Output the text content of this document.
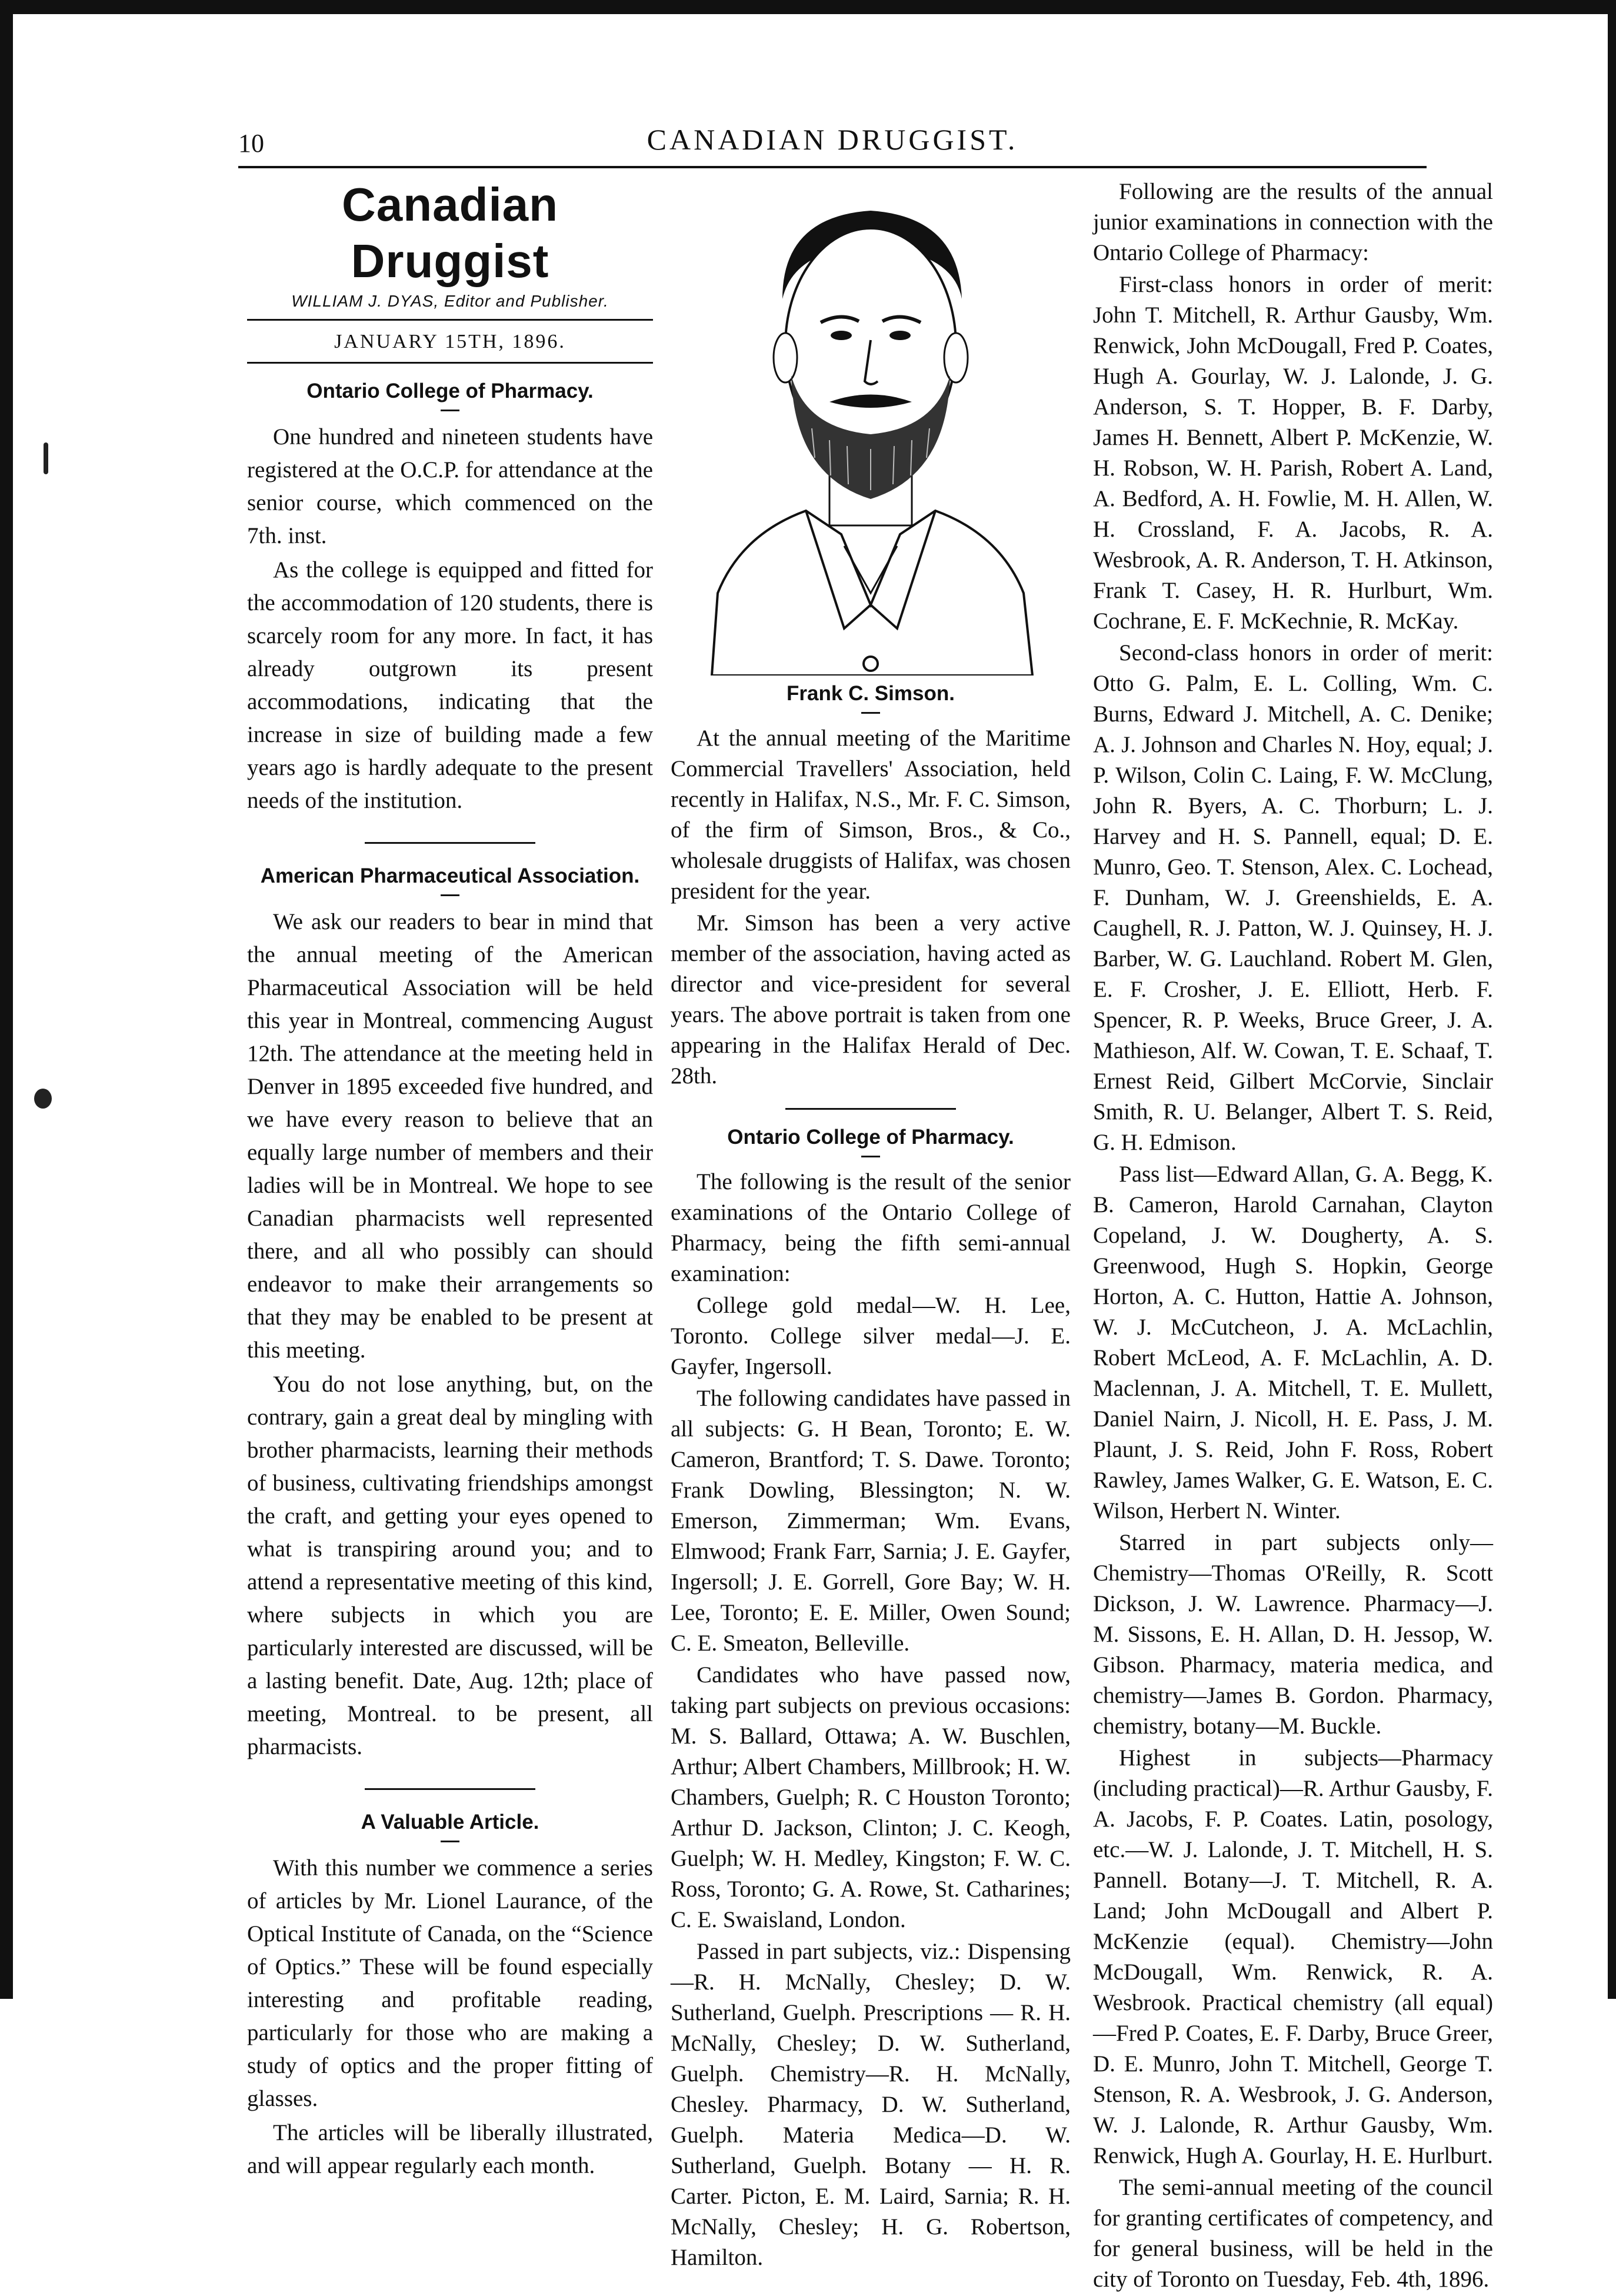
10	CANADIAN DRUGGIST.
Canadian Druggist
WILLIAM J. DYAS, Editor and Publisher.
JANUARY 15TH, 1896.
Ontario College of Pharmacy.

One hundred and nineteen students have registered at the O.C.P. for attendance at the senior course, which commenced on the 7th. inst.

As the college is equipped and fitted for the accommodation of 120 students, there is scarcely room for any more. In fact, it has already outgrown its present accommodations, indicating that the increase in size of building made a few years ago is hardly adequate to the present needs of the institution.

American Pharmaceutical Association.

We ask our readers to bear in mind that the annual meeting of the American Pharmaceutical Association will be held this year in Montreal, commencing August 12th. The attendance at the meeting held in Denver in 1895 exceeded five hundred, and we have every reason to believe that an equally large number of members and their ladies will be in Montreal. We hope to see Canadian pharmacists well represented there, and all who possibly can should endeavor to make their arrangements so that they may be enabled to be present at this meeting.

You do not lose anything, but, on the contrary, gain a great deal by mingling with brother pharmacists, learning their methods of business, cultivating friendships amongst the craft, and getting your eyes opened to what is transpiring around you; and to attend a representative meeting of this kind, where subjects in which you are particularly interested are discussed, will be a lasting benefit. Date, Aug. 12th; place of meeting, Montreal. to be present, all pharmacists.

A Valuable Article.

With this number we commence a series of articles by Mr. Lionel Laurance, of the Optical Institute of Canada, on the “Science of Optics.” These will be found especially interesting and profitable reading, particularly for those who are making a study of optics and the proper fitting of glasses.

The articles will be liberally illustrated, and will appear regularly each month.

Frank C. Simson.

At the annual meeting of the Maritime Commercial Travellers' Association, held recently in Halifax, N.S., Mr. F. C. Simson, of the firm of Simson, Bros., & Co., wholesale druggists of Halifax, was chosen president for the year.

Mr. Simson has been a very active member of the association, having acted as director and vice-president for several years. The above portrait is taken from one appearing in the Halifax Herald of Dec. 28th.

Ontario College of Pharmacy.

The following is the result of the senior examinations of the Ontario College of Pharmacy, being the fifth semi-annual examination:

College gold medal—W. H. Lee, Toronto. College silver medal—J. E. Gayfer, Ingersoll.

The following candidates have passed in all subjects: G. H Bean, Toronto; E. W. Cameron, Brantford; T. S. Dawe. Toronto; Frank Dowling, Blessington; N. W. Emerson, Zimmerman; Wm. Evans, Elmwood; Frank Farr, Sarnia; J. E. Gayfer, Ingersoll; J. E. Gorrell, Gore Bay; W. H. Lee, Toronto; E. E. Miller, Owen Sound; C. E. Smeaton, Belleville.

Candidates who have passed now, taking part subjects on previous occasions: M. S. Ballard, Ottawa; A. W. Buschlen, Arthur; Albert Chambers, Millbrook; H. W. Chambers, Guelph; R. C Houston Toronto; Arthur D. Jackson, Clinton; J. C. Keogh, Guelph; W. H. Medley, Kingston; F. W. C. Ross, Toronto; G. A. Rowe, St. Catharines; C. E. Swaisland, London.

Passed in part subjects, viz.: Dispensing—R. H. McNally, Chesley; D. W. Sutherland, Guelph. Prescriptions — R. H. McNally, Chesley; D. W. Sutherland, Guelph. Chemistry—R. H. McNally, Chesley. Pharmacy, D. W. Sutherland, Guelph. Materia Medica—D. W. Sutherland, Guelph. Botany — H. R. Carter. Picton, E. M. Laird, Sarnia; R. H. McNally, Chesley; H. G. Robertson, Hamilton.

Following are the results of the annual junior examinations in connection with the Ontario College of Pharmacy:

First-class honors in order of merit: John T. Mitchell, R. Arthur Gausby, Wm. Renwick, John McDougall, Fred P. Coates, Hugh A. Gourlay, W. J. Lalonde, J. G. Anderson, S. T. Hopper, B. F. Darby, James H. Bennett, Albert P. McKenzie, W. H. Robson, W. H. Parish, Robert A. Land, A. Bedford, A. H. Fowlie, M. H. Allen, W. H. Crossland, F. A. Jacobs, R. A. Wesbrook, A. R. Anderson, T. H. Atkinson, Frank T. Casey, H. R. Hurlburt, Wm. Cochrane, E. F. McKechnie, R. McKay.

Second-class honors in order of merit: Otto G. Palm, E. L. Colling, Wm. C. Burns, Edward J. Mitchell, A. C. Denike; A. J. Johnson and Charles N. Hoy, equal; J. P. Wilson, Colin C. Laing, F. W. McClung, John R. Byers, A. C. Thorburn; L. J. Harvey and H. S. Pannell, equal; D. E. Munro, Geo. T. Stenson, Alex. C. Lochead, F. Dunham, W. J. Greenshields, E. A. Caughell, R. J. Patton, W. J. Quinsey, H. J. Barber, W. G. Lauchland. Robert M. Glen, E. F. Crosher, J. E. Elliott, Herb. F. Spencer, R. P. Weeks, Bruce Greer, J. A. Mathieson, Alf. W. Cowan, T. E. Schaaf, T. Ernest Reid, Gilbert McCorvie, Sinclair Smith, R. U. Belanger, Albert T. S. Reid, G. H. Edmison.

Pass list—Edward Allan, G. A. Begg, K. B. Cameron, Harold Carnahan, Clayton Copeland, J. W. Dougherty, A. S. Greenwood, Hugh S. Hopkin, George Horton, A. C. Hutton, Hattie A. Johnson, W. J. McCutcheon, J. A. McLachlin, Robert McLeod, A. F. McLachlin, A. D. Maclennan, J. A. Mitchell, T. E. Mullett, Daniel Nairn, J. Nicoll, H. E. Pass, J. M. Plaunt, J. S. Reid, John F. Ross, Robert Rawley, James Walker, G. E. Watson, E. C. Wilson, Herbert N. Winter.

Starred in part subjects only—Chemistry—Thomas O'Reilly, R. Scott Dickson, J. W. Lawrence. Pharmacy—J. M. Sissons, E. H. Allan, D. H. Jessop, W. Gibson. Pharmacy, materia medica, and chemistry—James B. Gordon. Pharmacy, chemistry, botany—M. Buckle.

Highest in subjects—Pharmacy (including practical)—R. Arthur Gausby, F. A. Jacobs, F. P. Coates. Latin, posology, etc.—W. J. Lalonde, J. T. Mitchell, H. S. Pannell. Botany—J. T. Mitchell, R. A. Land; John McDougall and Albert P. McKenzie (equal). Chemistry—John McDougall, Wm. Renwick, R. A. Wesbrook. Practical chemistry (all equal)—Fred P. Coates, E. F. Darby, Bruce Greer, D. E. Munro, John T. Mitchell, George T. Stenson, R. A. Wesbrook, J. G. Anderson, W. J. Lalonde, R. Arthur Gausby, Wm. Renwick, Hugh A. Gourlay, H. E. Hurlburt.

The semi-annual meeting of the council for granting certificates of competency, and for general business, will be held in the city of Toronto on Tuesday, Feb. 4th, 1896.
